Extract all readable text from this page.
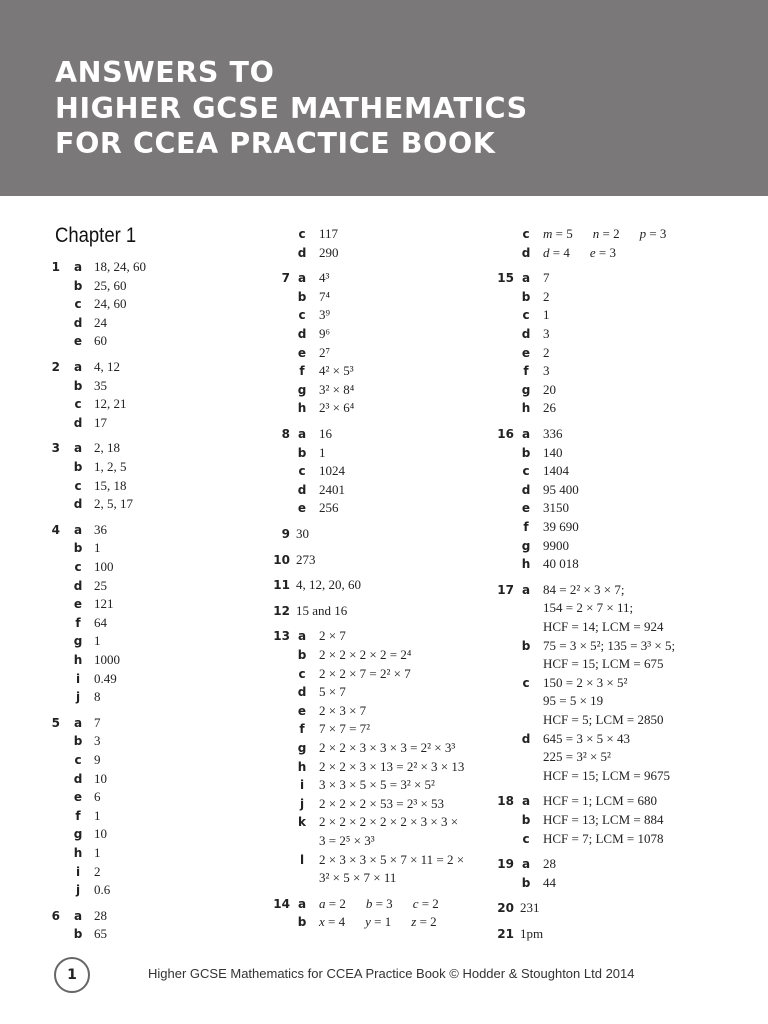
ANSWERS TO
HIGHER GCSE MATHEMATICS
FOR CCEA PRACTICE BOOK
Chapter 1
1 a 18, 24, 60
b 25, 60
c 24, 60
d 24
e 60
2 a 4, 12
b 35
c 12, 21
d 17
3 a 2, 18
b 1, 2, 5
c 15, 18
d 2, 5, 17
4 a 36
b 1
c 100
d 25
e 121
f 64
g 1
h 1000
i	0.49
j	8
5 a 7
b 3
c 9
d 10
e 6
f 1
g 10
h 1
i	2
j	0.6
6 a 28
b 65
c 117
d 290
7 a 4³
b 7⁴
c 3⁹
d 9⁶
e 2⁷
f 4² × 5³
g 3² × 8⁴
h 2³ × 6⁴
8 a 16
b 1
c 1024
d 2401
e 256
9 30
10 273
11 4, 12, 20, 60
12 15 and 16
13 a 2 × 7
b 2 × 2 × 2 × 2 = 2⁴
c 2 × 2 × 7 = 2² × 7
d 5 × 7
e 2 × 3 × 7
f 7 × 7 = 7²
g 2 × 2 × 3 × 3 × 3 = 2² × 3³
h 2 × 2 × 3 × 13 = 2² × 3 × 13
i	3 × 3 × 5 × 5 = 3² × 5²
j	2 × 2 × 2 × 53 = 2³ × 53
k 2 × 2 × 2 × 2 × 2 × 3 × 3 ×
3 = 2⁵ × 3³
l	2 × 3 × 3 × 5 × 7 × 11 = 2 ×
3² × 5 × 7 × 11
14 a a = 2 b = 3 c = 2
b x = 4 y = 1 z = 2
c m = 5 n = 2 p = 3
d d = 4 e = 3
15 a 7
b 2
c 1
d 3
e 2
f 3
g 20
h 26
16 a 336
b 140
c 1404
d 95 400
e 3150
f 39 690
g 9900
h 40 018
17 a 84 = 2² × 3 × 7;
154 = 2 × 7 × 11;
HCF = 14; LCM = 924
b 75 = 3 × 5²; 135 = 3³ × 5;
HCF = 15; LCM = 675
c 150 = 2 × 3 × 5²
95 = 5 × 19
HCF = 5; LCM = 2850
d 645 = 3 × 5 × 43
225 = 3² × 5²
HCF = 15; LCM = 9675
18 a HCF = 1; LCM = 680
b HCF = 13; LCM = 884
c HCF = 7; LCM = 1078
19 a 28
b 44
20 231
21 1pm
1	Higher GCSE Mathematics for CCEA Practice Book © Hodder & Stoughton Ltd 2014
